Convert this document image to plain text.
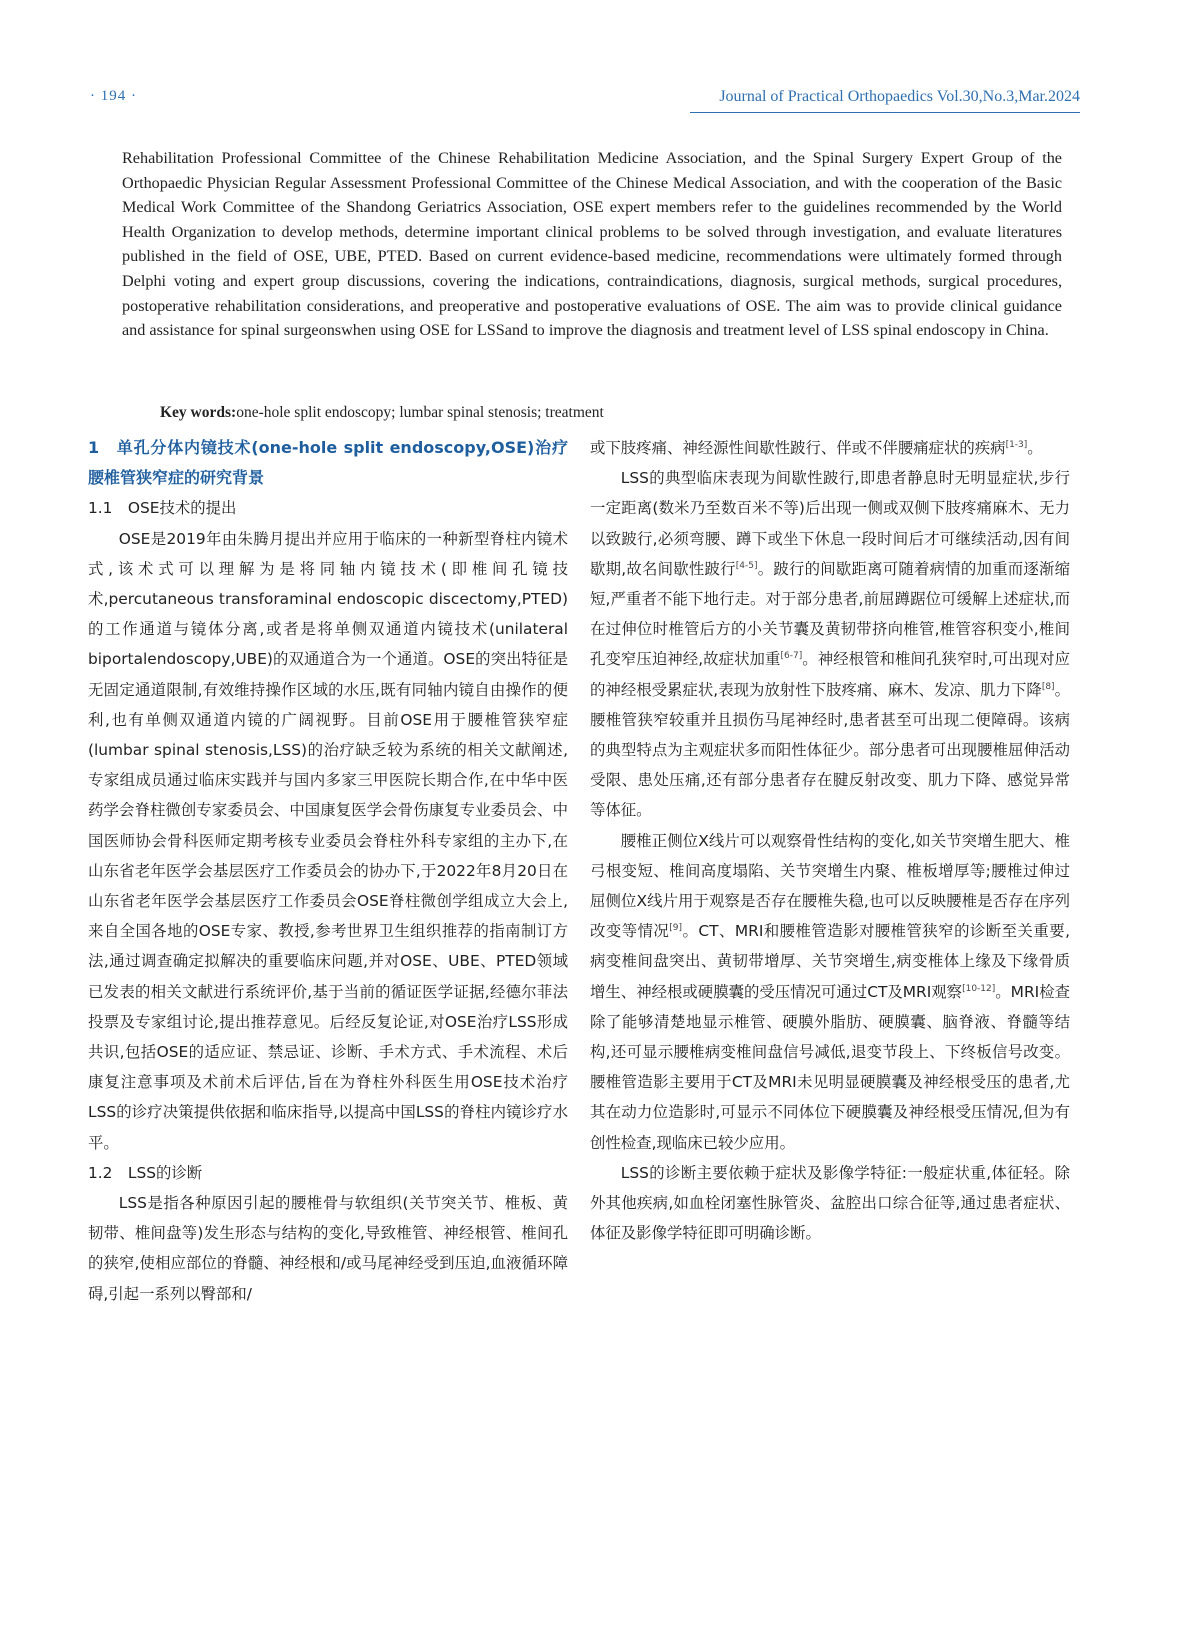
· 194 ·	Journal of Practical Orthopaedics Vol.30,No.3,Mar.2024
Rehabilitation Professional Committee of the Chinese Rehabilitation Medicine Association, and the Spinal Surgery Expert Group of the Orthopaedic Physician Regular Assessment Professional Committee of the Chinese Medical Association, and with the cooperation of the Basic Medical Work Committee of the Shandong Geriatrics Association, OSE expert members refer to the guidelines recommended by the World Health Organization to develop methods, determine important clinical problems to be solved through investigation, and evaluate literatures published in the field of OSE, UBE, PTED. Based on current evidence-based medicine, recommendations were ultimately formed through Delphi voting and expert group discussions, covering the indications, contraindications, diagnosis, surgical methods, surgical procedures, postoperative rehabilitation considerations, and preoperative and postoperative evaluations of OSE. The aim was to provide clinical guidance and assistance for spinal surgeonswhen using OSE for LSSand to improve the diagnosis and treatment level of LSS spinal endoscopy in China.
Key words:one-hole split endoscopy; lumbar spinal stenosis; treatment
1　单孔分体内镜技术(one-hole split endoscopy,OSE)治疗腰椎管狭窄症的研究背景
1.1　OSE技术的提出

OSE是2019年由朱腾月提出并应用于临床的一种新型脊柱内镜术式,该术式可以理解为是将同轴内镜技术(即椎间孔镜技术,percutaneous transforaminal endoscopic discectomy,PTED)的工作通道与镜体分离,或者是将单侧双通道内镜技术(unilateral biportalendoscopy,UBE)的双通道合为一个通道。OSE的突出特征是无固定通道限制,有效维持操作区域的水压,既有同轴内镜自由操作的便利,也有单侧双通道内镜的广阔视野。目前OSE用于腰椎管狭窄症(lumbar spinal stenosis,LSS)的治疗缺乏较为系统的相关文献阐述,专家组成员通过临床实践并与国内多家三甲医院长期合作,在中华中医药学会脊柱微创专家委员会、中国康复医学会骨伤康复专业委员会、中国医师协会骨科医师定期考核专业委员会脊柱外科专家组的主办下,在山东省老年医学会基层医疗工作委员会的协办下,于2022年8月20日在山东省老年医学会基层医疗工作委员会OSE脊柱微创学组成立大会上,来自全国各地的OSE专家、教授,参考世界卫生组织推荐的指南制订方法,通过调查确定拟解决的重要临床问题,并对OSE、UBE、PTED领域已发表的相关文献进行系统评价,基于当前的循证医学证据,经德尔菲法投票及专家组讨论,提出推荐意见。后经反复论证,对OSE治疗LSS形成共识,包括OSE的适应证、禁忌证、诊断、手术方式、手术流程、术后康复注意事项及术前术后评估,旨在为脊柱外科医生用OSE技术治疗LSS的诊疗决策提供依据和临床指导,以提高中国LSS的脊柱内镜诊疗水平。

1.2　LSS的诊断

LSS是指各种原因引起的腰椎骨与软组织(关节突关节、椎板、黄韧带、椎间盘等)发生形态与结构的变化,导致椎管、神经根管、椎间孔的狭窄,使相应部位的脊髓、神经根和/或马尾神经受到压迫,血液循环障碍,引起一系列以臀部和/

或下肢疼痛、神经源性间歇性跛行、伴或不伴腰痛症状的疾病[1-3]。

LSS的典型临床表现为间歇性跛行,即患者静息时无明显症状,步行一定距离(数米乃至数百米不等)后出现一侧或双侧下肢疼痛麻木、无力以致跛行,必须弯腰、蹲下或坐下休息一段时间后才可继续活动,因有间歇期,故名间歇性跛行[4-5]。跛行的间歇距离可随着病情的加重而逐渐缩短,严重者不能下地行走。对于部分患者,前屈蹲踞位可缓解上述症状,而在过伸位时椎管后方的小关节囊及黄韧带挤向椎管,椎管容积变小,椎间孔变窄压迫神经,故症状加重[6-7]。神经根管和椎间孔狭窄时,可出现对应的神经根受累症状,表现为放射性下肢疼痛、麻木、发凉、肌力下降[8]。腰椎管狭窄较重并且损伤马尾神经时,患者甚至可出现二便障碍。该病的典型特点为主观症状多而阳性体征少。部分患者可出现腰椎屈伸活动受限、患处压痛,还有部分患者存在腱反射改变、肌力下降、感觉异常等体征。

腰椎正侧位X线片可以观察骨性结构的变化,如关节突增生肥大、椎弓根变短、椎间高度塌陷、关节突增生内聚、椎板增厚等;腰椎过伸过屈侧位X线片用于观察是否存在腰椎失稳,也可以反映腰椎是否存在序列改变等情况[9]。CT、MRI和腰椎管造影对腰椎管狭窄的诊断至关重要,病变椎间盘突出、黄韧带增厚、关节突增生,病变椎体上缘及下缘骨质增生、神经根或硬膜囊的受压情况可通过CT及MRI观察[10-12]。MRI检查除了能够清楚地显示椎管、硬膜外脂肪、硬膜囊、脑脊液、脊髓等结构,还可显示腰椎病变椎间盘信号减低,退变节段上、下终板信号改变。腰椎管造影主要用于CT及MRI未见明显硬膜囊及神经根受压的患者,尤其在动力位造影时,可显示不同体位下硬膜囊及神经根受压情况,但为有创性检查,现临床已较少应用。

LSS的诊断主要依赖于症状及影像学特征:一般症状重,体征轻。除外其他疾病,如血栓闭塞性脉管炎、盆腔出口综合征等,通过患者症状、体征及影像学特征即可明确诊断。
